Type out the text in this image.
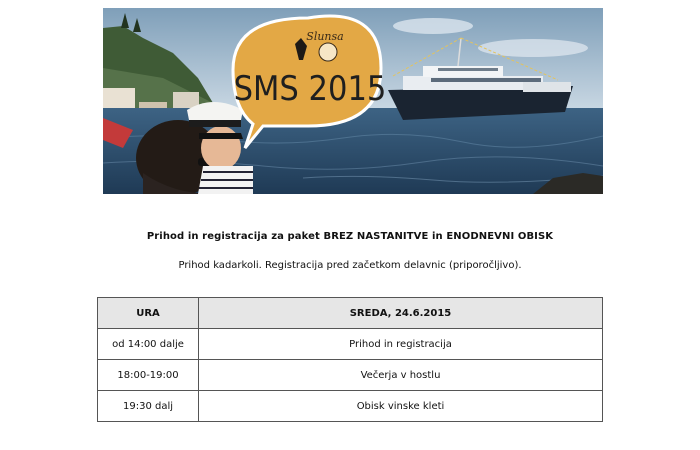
Slunsa
SMS 2015
Prihod in registracija za paket BREZ NASTANITVE in ENODNEVNI OBISK
Prihod kadarkoli. Registracija pred začetkom delavnic (priporočljivo).
URA	SREDA, 24.6.2015
od 14:00 dalje	Prihod in registracija
18:00-19:00	Večerja v hostlu
19:30 dalj	Obisk vinske kleti
